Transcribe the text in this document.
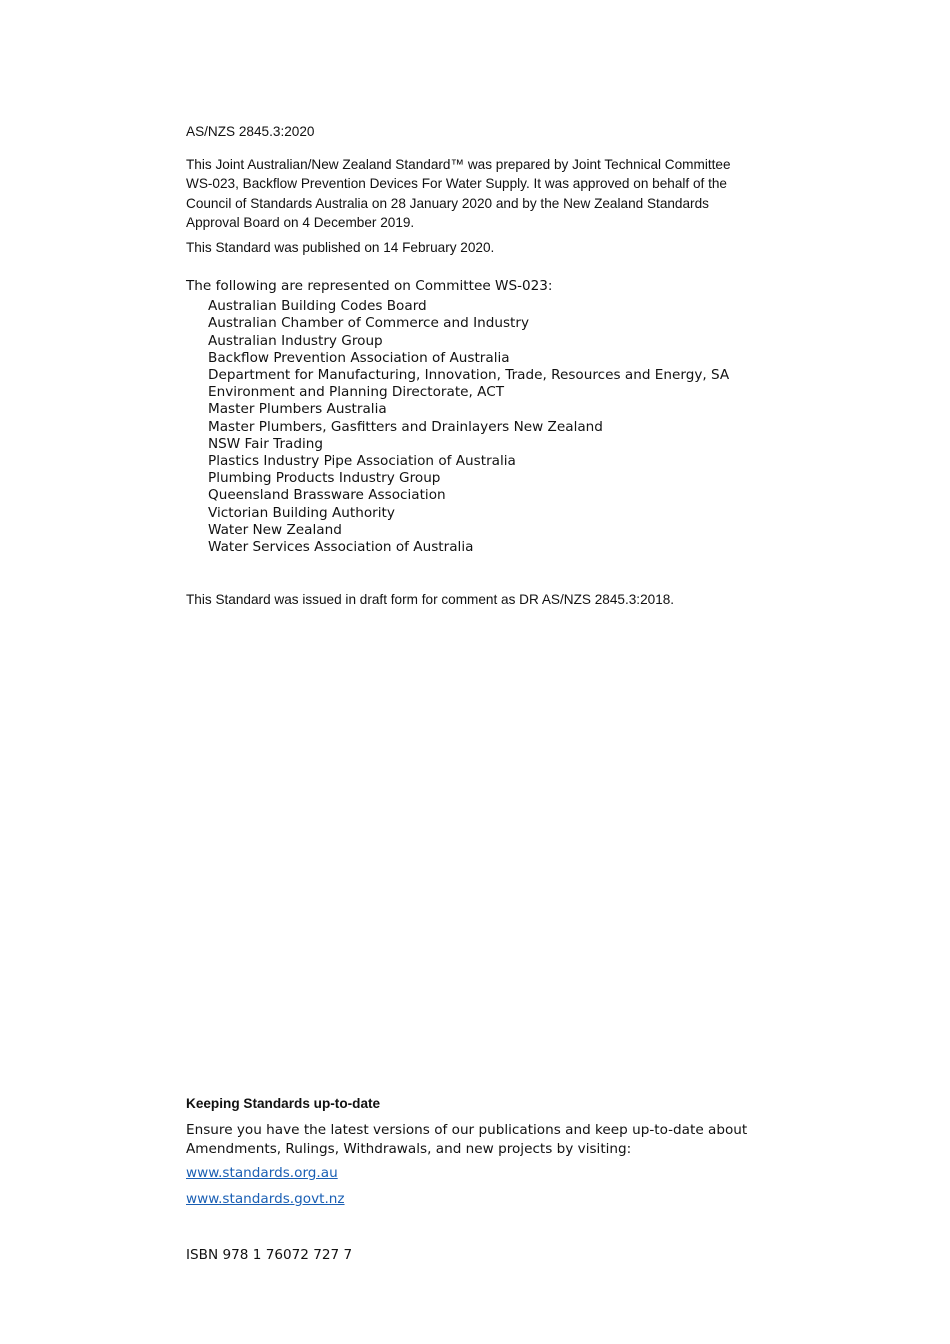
AS/NZS 2845.3:2020
This Joint Australian/New Zealand Standard™ was prepared by Joint Technical Committee WS-023, Backflow Prevention Devices For Water Supply. It was approved on behalf of the Council of Standards Australia on 28 January 2020 and by the New Zealand Standards Approval Board on 4 December 2019.
This Standard was published on 14 February 2020.
The following are represented on Committee WS-023:
Australian Building Codes Board
Australian Chamber of Commerce and Industry
Australian Industry Group
Backflow Prevention Association of Australia
Department for Manufacturing, Innovation, Trade, Resources and Energy, SA
Environment and Planning Directorate, ACT
Master Plumbers Australia
Master Plumbers, Gasfitters and Drainlayers New Zealand
NSW Fair Trading
Plastics Industry Pipe Association of Australia
Plumbing Products Industry Group
Queensland Brassware Association
Victorian Building Authority
Water New Zealand
Water Services Association of Australia
This Standard was issued in draft form for comment as DR AS/NZS 2845.3:2018.
Keeping Standards up-to-date
Ensure you have the latest versions of our publications and keep up-to-date about Amendments, Rulings, Withdrawals, and new projects by visiting:
www.standards.org.au
www.standards.govt.nz
ISBN 978 1 76072 727 7
